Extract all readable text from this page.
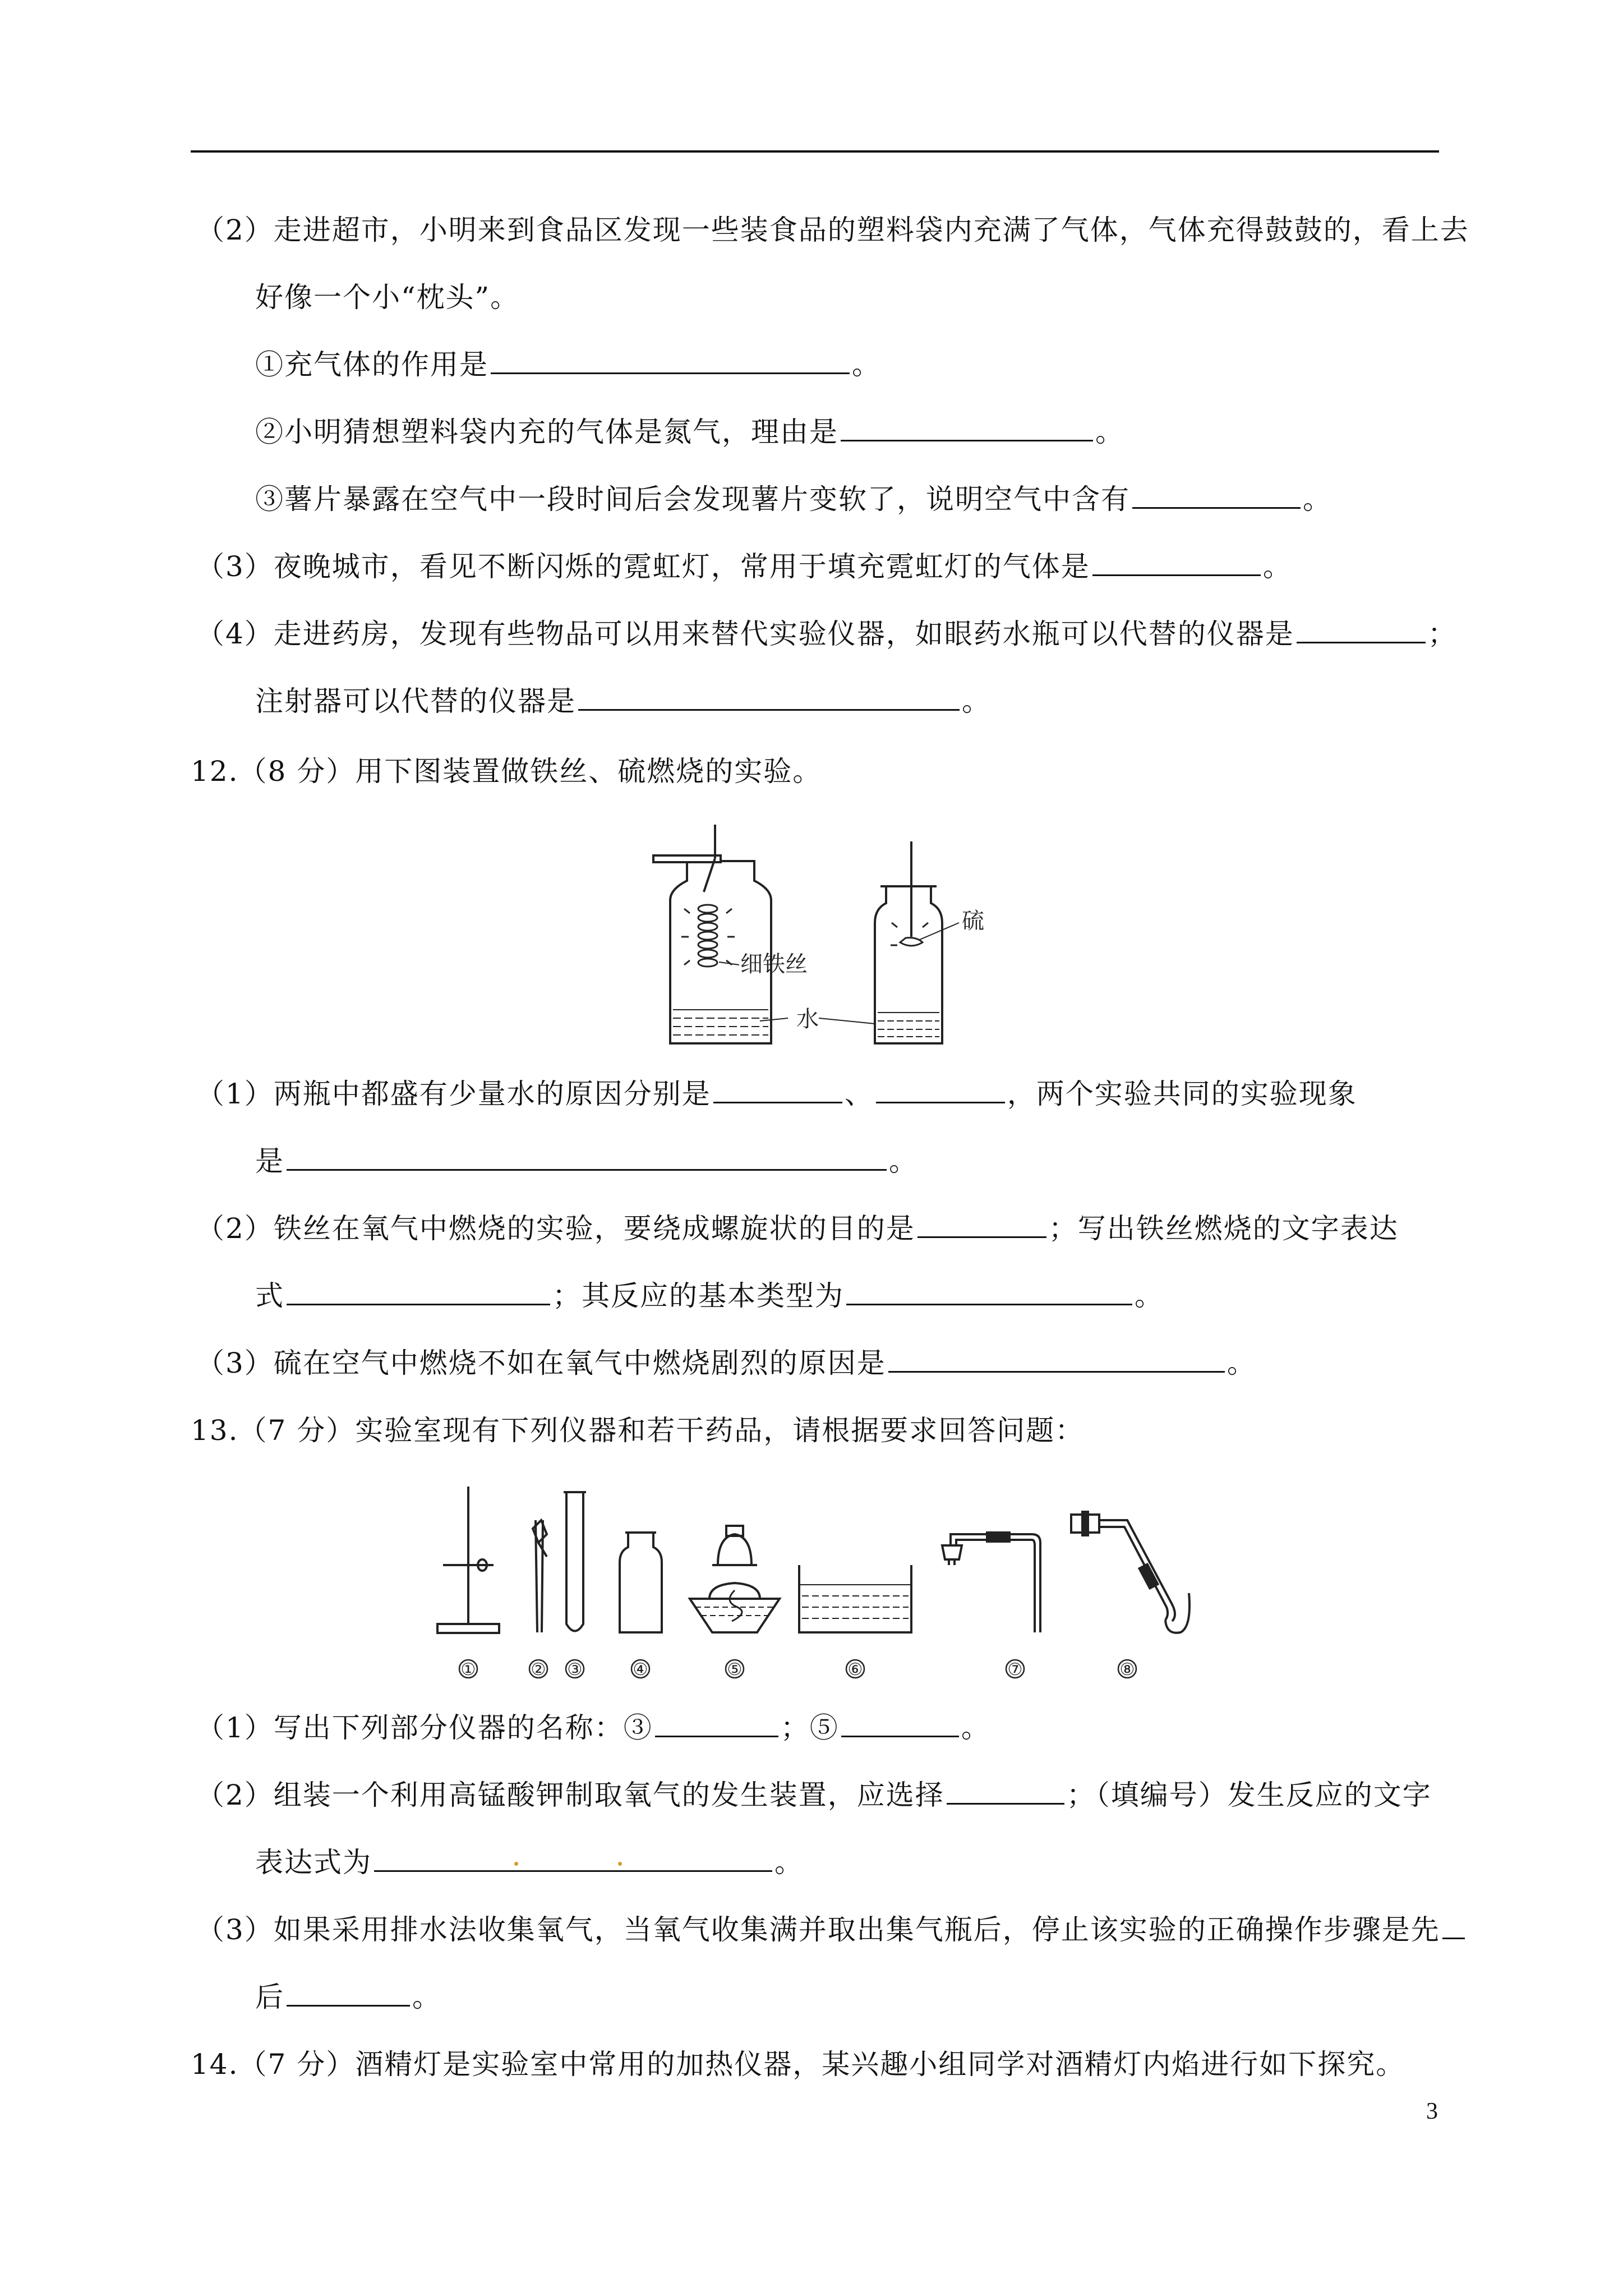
（2）走进超市，小明来到食品区发现一些装食品的塑料袋内充满了气体，气体充得鼓鼓的，看上去
好像一个小“枕头”。
①充气体的作用是	。
②小明猜想塑料袋内充的气体是氮气，理由是	。
③薯片暴露在空气中一段时间后会发现薯片变软了，说明空气中含有	。
（3）夜晚城市，看见不断闪烁的霓虹灯，常用于填充霓虹灯的气体是	。
（4）走进药房，发现有些物品可以用来替代实验仪器，如眼药水瓶可以代替的仪器是	；
注射器可以代替的仪器是	。
12.（8 分）用下图装置做铁丝、硫燃烧的实验。
细铁丝
水
硫
（1）两瓶中都盛有少量水的原因分别是	、	，两个实验共同的实验现象
是	。
（2）铁丝在氧气中燃烧的实验，要绕成螺旋状的目的是	；写出铁丝燃烧的文字表达
式	；其反应的基本类型为	。
（3）硫在空气中燃烧不如在氧气中燃烧剧烈的原因是	。
13.（7 分）实验室现有下列仪器和若干药品，请根据要求回答问题：
①	② ③	④	⑤	⑥	⑦	⑧
（1）写出下列部分仪器的名称：③	；⑤	。
（2）组装一个利用高锰酸钾制取氧气的发生装置，应选择	；（填编号）发生反应的文字
表达式为	。
（3）如果采用排水法收集氧气，当氧气收集满并取出集气瓶后，停止该实验的正确操作步骤是先
后	。
14.（7 分）酒精灯是实验室中常用的加热仪器，某兴趣小组同学对酒精灯内焰进行如下探究。
3
